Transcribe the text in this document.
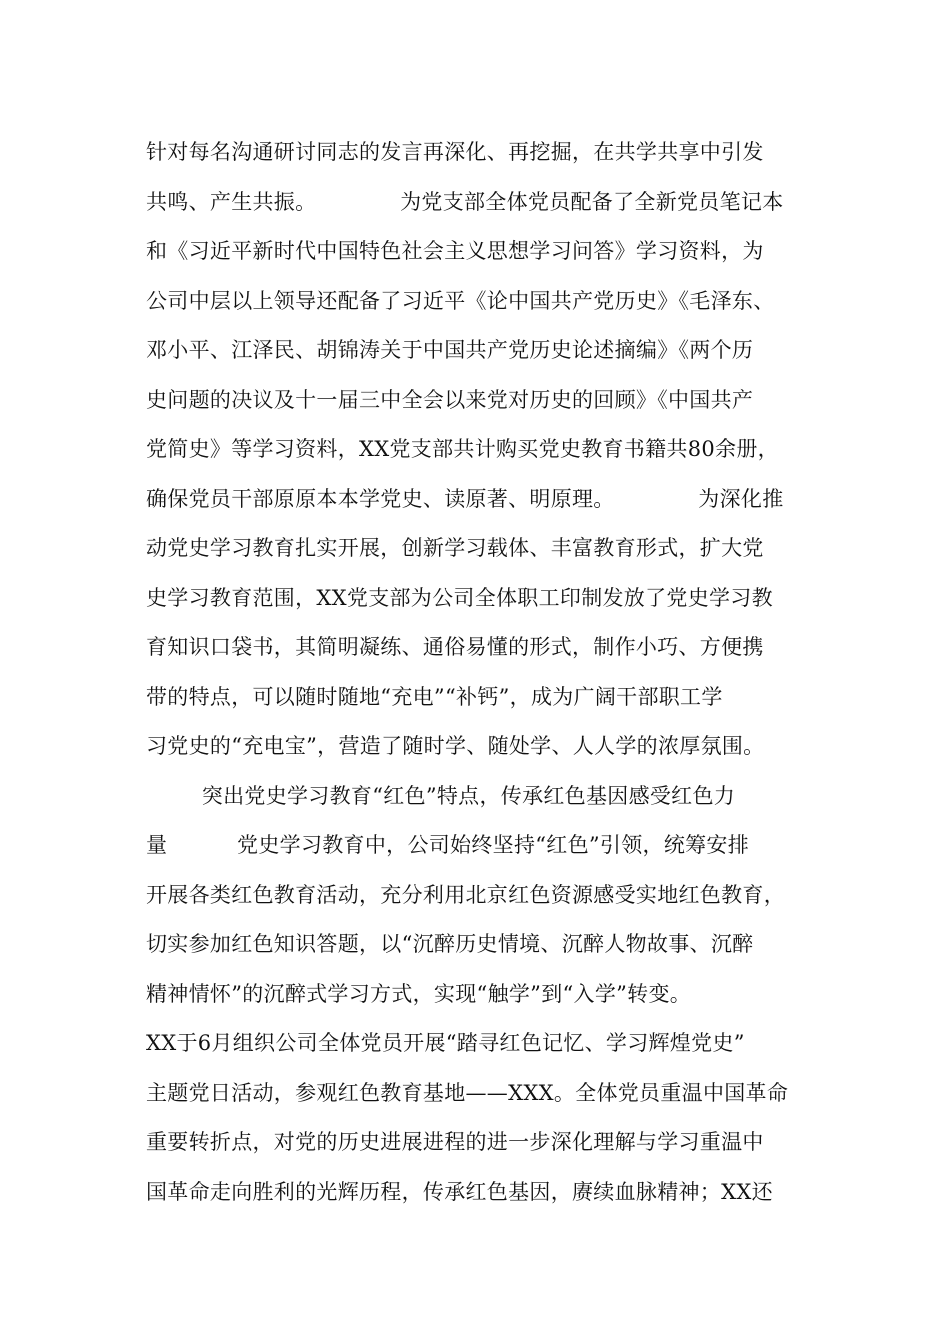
针对每名沟通研讨同志的发言再深化、再挖掘，在共学共享中引发
共鸣、产生共振。            为党支部全体党员配备了全新党员笔记本
和《习近平新时代中国特色社会主义思想学习问答》学习资料，为
公司中层以上领导还配备了习近平《论中国共产党历史》《毛泽东、
邓小平、江泽民、胡锦涛关于中国共产党历史论述摘编》《两个历
史问题的决议及十一届三中全会以来党对历史的回顾》《中国共产
党简史》等学习资料，XX党支部共计购买党史教育书籍共80余册，
确保党员干部原原本本学党史、读原著、明原理。            为深化推
动党史学习教育扎实开展，创新学习载体、丰富教育形式，扩大党
史学习教育范围，XX党支部为公司全体职工印制发放了党史学习教
育知识口袋书，其简明凝练、通俗易懂的形式，制作小巧、方便携
带的特点，可以随时随地“充电”“补钙”，成为广阔干部职工学
习党史的“充电宝”，营造了随时学、随处学、人人学的浓厚氛围。
突出党史学习教育“红色”特点，传承红色基因感受红色力
量          党史学习教育中，公司始终坚持“红色”引领，统筹安排
开展各类红色教育活动，充分利用北京红色资源感受实地红色教育，
切实参加红色知识答题，以“沉醉历史情境、沉醉人物故事、沉醉
精神情怀”的沉醉式学习方式，实现“触学”到“入学”转变。
XX于6月组织公司全体党员开展“踏寻红色记忆、学习辉煌党史”
主题党日活动，参观红色教育基地——XXX。全体党员重温中国革命
重要转折点，对党的历史进展进程的进一步深化理解与学习重温中
国革命走向胜利的光辉历程，传承红色基因，赓续血脉精神；XX还
